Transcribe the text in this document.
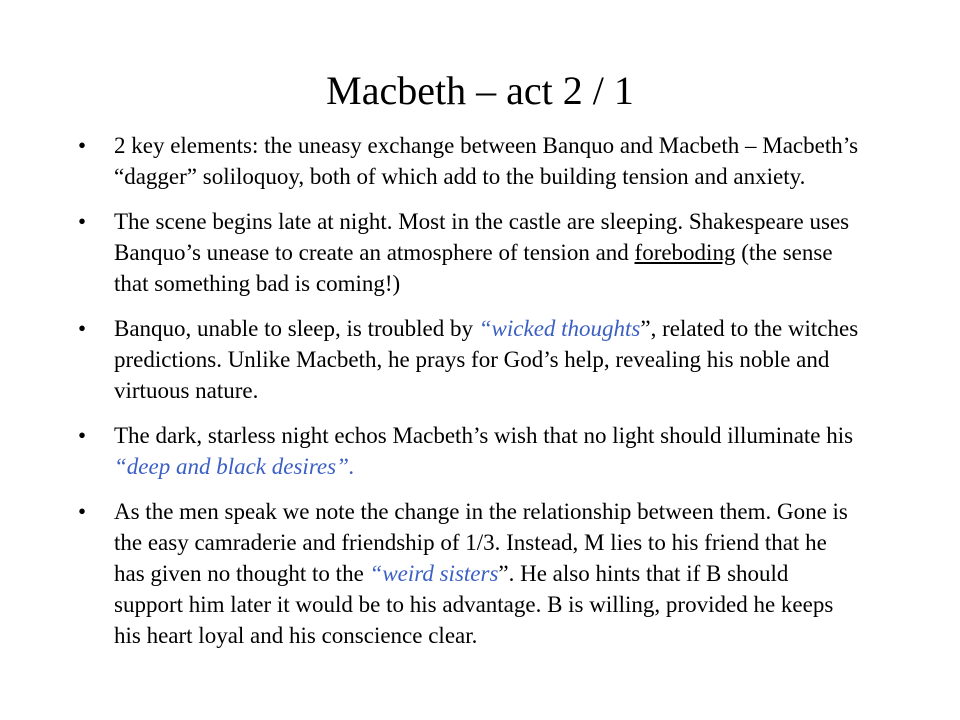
Macbeth – act 2 / 1
• 2 key elements: the uneasy exchange between Banquo and Macbeth – Macbeth’s “dagger” soliloquoy, both of which add to the building tension and anxiety.
• The scene begins late at night. Most in the castle are sleeping. Shakespeare uses Banquo’s unease to create an atmosphere of tension and foreboding (the sense that something bad is coming!)
• Banquo, unable to sleep, is troubled by “wicked thoughts”, related to the witches predictions. Unlike Macbeth, he prays for God’s help, revealing his noble and virtuous nature.
• The dark, starless night echos Macbeth’s wish that no light should illuminate his “deep and black desires”.
• As the men speak we note the change in the relationship between them. Gone is the easy camraderie and friendship of 1/3. Instead, M lies to his friend that he has given no thought to the “weird sisters”. He also hints that if B should support him later it would be to his advantage. B is willing, provided he keeps his heart loyal and his conscience clear.
